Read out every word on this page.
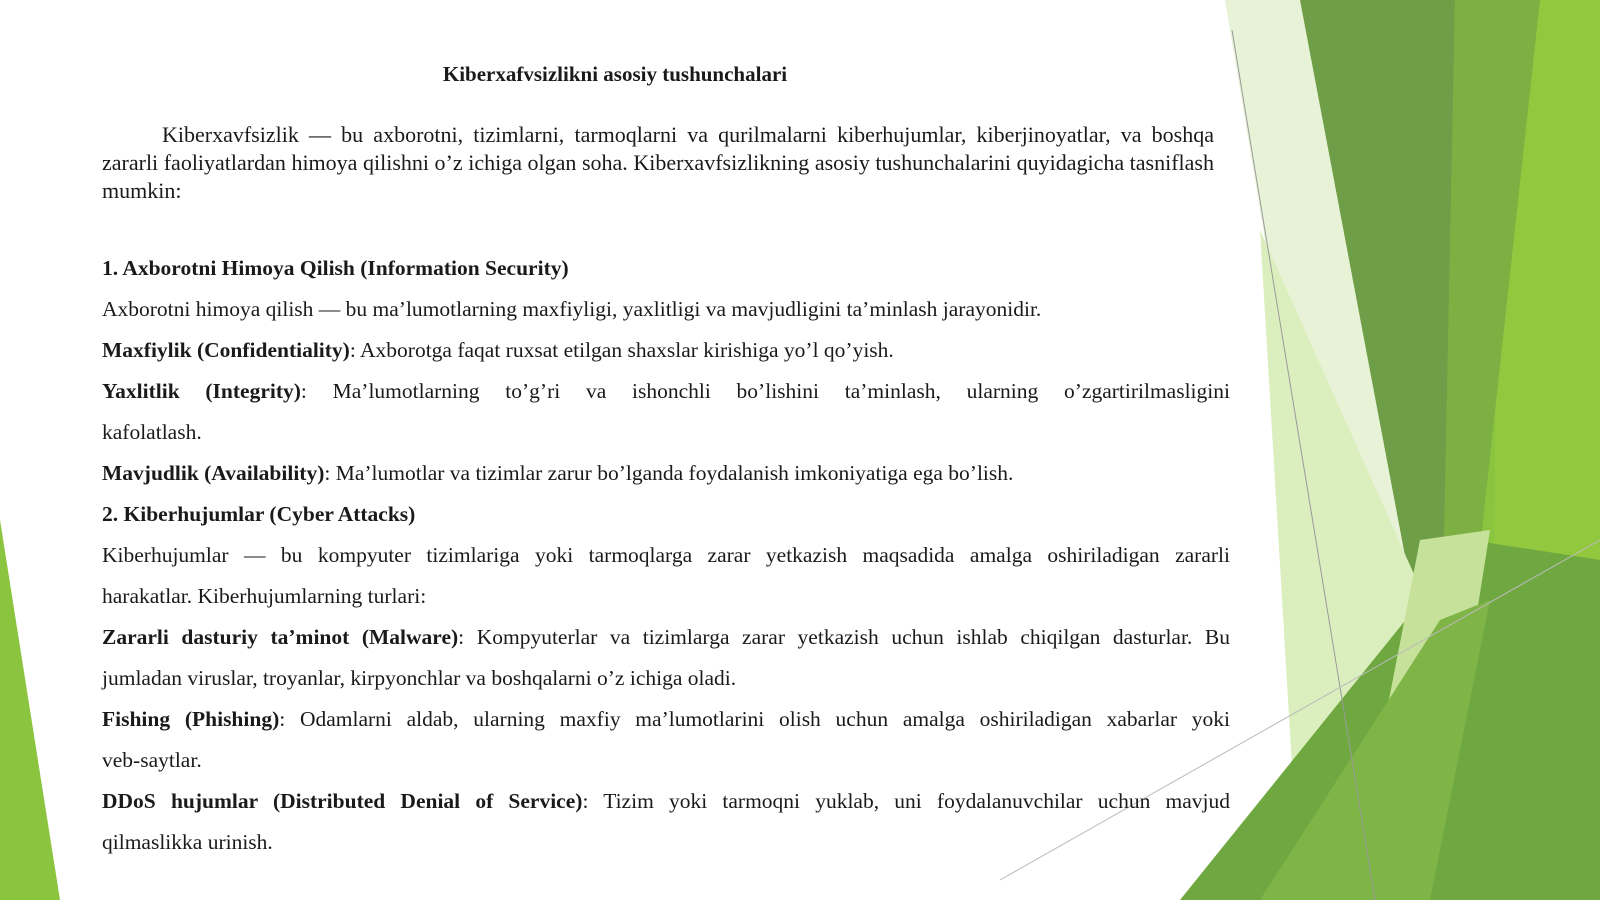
Kiberxafvsizlikni asosiy tushunchalari

Kiberxavfsizlik — bu axborotni, tizimlarni, tarmoqlarni va qurilmalarni kiberhujumlar, kiberjinoyatlar, va boshqa zararli faoliyatlardan himoya qilishni o’z ichiga olgan soha. Kiberxavfsizlikning asosiy tushunchalarini quyidagicha tasniflash mumkin:

1. Axborotni Himoya Qilish (Information Security)
Axborotni himoya qilish — bu ma’lumotlarning maxfiyligi, yaxlitligi va mavjudligini ta’minlash jarayonidir.
Maxfiylik (Confidentiality): Axborotga faqat ruxsat etilgan shaxslar kirishiga yo’l qo’yish.
Yaxlitlik (Integrity): Ma’lumotlarning to’g’ri va ishonchli bo’lishini ta’minlash, ularning o’zgartirilmasligini
kafolatlash.
Mavjudlik (Availability): Ma’lumotlar va tizimlar zarur bo’lganda foydalanish imkoniyatiga ega bo’lish.
2. Kiberhujumlar (Cyber Attacks)
Kiberhujumlar — bu kompyuter tizimlariga yoki tarmoqlarga zarar yetkazish maqsadida amalga oshiriladigan zararli
harakatlar. Kiberhujumlarning turlari:
Zararli dasturiy ta’minot (Malware): Kompyuterlar va tizimlarga zarar yetkazish uchun ishlab chiqilgan dasturlar. Bu
jumladan viruslar, troyanlar, kirpyonchlar va boshqalarni o’z ichiga oladi.
Fishing (Phishing): Odamlarni aldab, ularning maxfiy ma’lumotlarini olish uchun amalga oshiriladigan xabarlar yoki
veb-saytlar.
DDoS hujumlar (Distributed Denial of Service): Tizim yoki tarmoqni yuklab, uni foydalanuvchilar uchun mavjud
qilmaslikka urinish.
